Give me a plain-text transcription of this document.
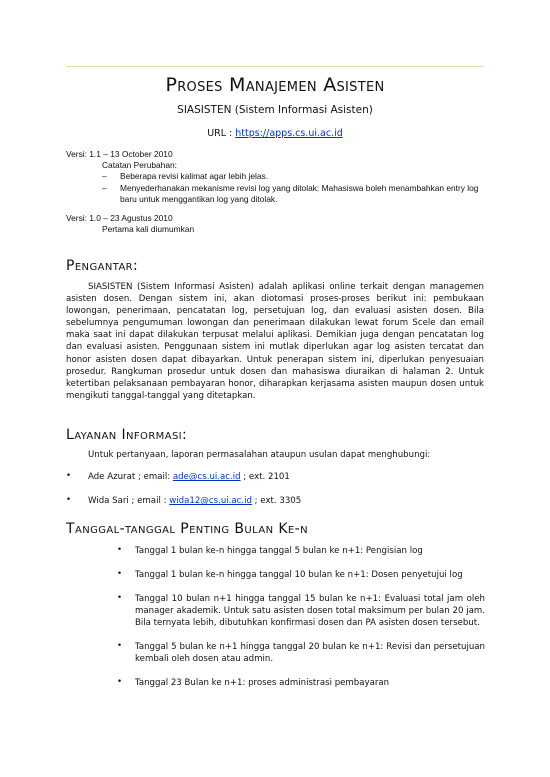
Proses Manajemen Asisten
SIASISTEN (Sistem Informasi Asisten)
URL : https://apps.cs.ui.ac.id

Versi: 1.1 – 13 October 2010

Catatan Perubahan:

– Beberapa revisi kalimat agar lebih jelas.
– Menyederhanakan mekanisme revisi log yang ditolak: Mahasiswa boleh menambahkan entry log baru untuk menggantikan log yang ditolak.

Versi: 1.0 – 23 Agustus 2010

Pertama kali diumumkan

Pengantar:

SIASISTEN (Sistem Informasi Asisten) adalah aplikasi online terkait dengan managemen asisten dosen. Dengan sistem ini, akan diotomasi proses-proses berikut ini: pembukaan lowongan, penerimaan, pencatatan log, persetujuan log, dan evaluasi asisten dosen. Bila sebelumnya pengumuman lowongan dan penerimaan dilakukan lewat forum Scele dan email maka saat ini dapat dilakukan terpusat melalui aplikasi. Demikian juga dengan pencatatan log dan evaluasi asisten. Penggunaan sistem ini mutlak diperlukan agar log asisten tercatat dan honor asisten dosen dapat dibayarkan. Untuk penerapan sistem ini, diperlukan penyesuaian prosedur. Rangkuman prosedur untuk dosen dan mahasiswa diuraikan di halaman 2. Untuk ketertiban pelaksanaan pembayaran honor, diharapkan kerjasama asisten maupun dosen untuk mengikuti tanggal-tanggal yang ditetapkan.

Layanan Informasi:

Untuk pertanyaan, laporan permasalahan ataupun usulan dapat menghubungi:

• Ade Azurat ; email: ade@cs.ui.ac.id ; ext. 2101
• Wida Sari ; email : wida12@cs.ui.ac.id ; ext. 3305
Tanggal-tanggal Penting Bulan Ke-n
• Tanggal 1 bulan ke-n hingga tanggal 5 bulan ke n+1: Pengisian log
• Tanggal 1 bulan ke-n hingga tanggal 10 bulan ke n+1: Dosen penyetujui log
• Tanggal 10 bulan n+1 hingga tanggal 15 bulan ke n+1: Evaluasi total jam oleh manager akademik. Untuk satu asisten dosen total maksimum per bulan 20 jam. Bila ternyata lebih, dibutuhkan konfirmasi dosen dan PA asisten dosen tersebut.
• Tanggal 5 bulan ke n+1 hingga tanggal 20 bulan ke n+1: Revisi dan persetujuan kembali oleh dosen atau admin.
• Tanggal 23 Bulan ke n+1: proses administrasi pembayaran
